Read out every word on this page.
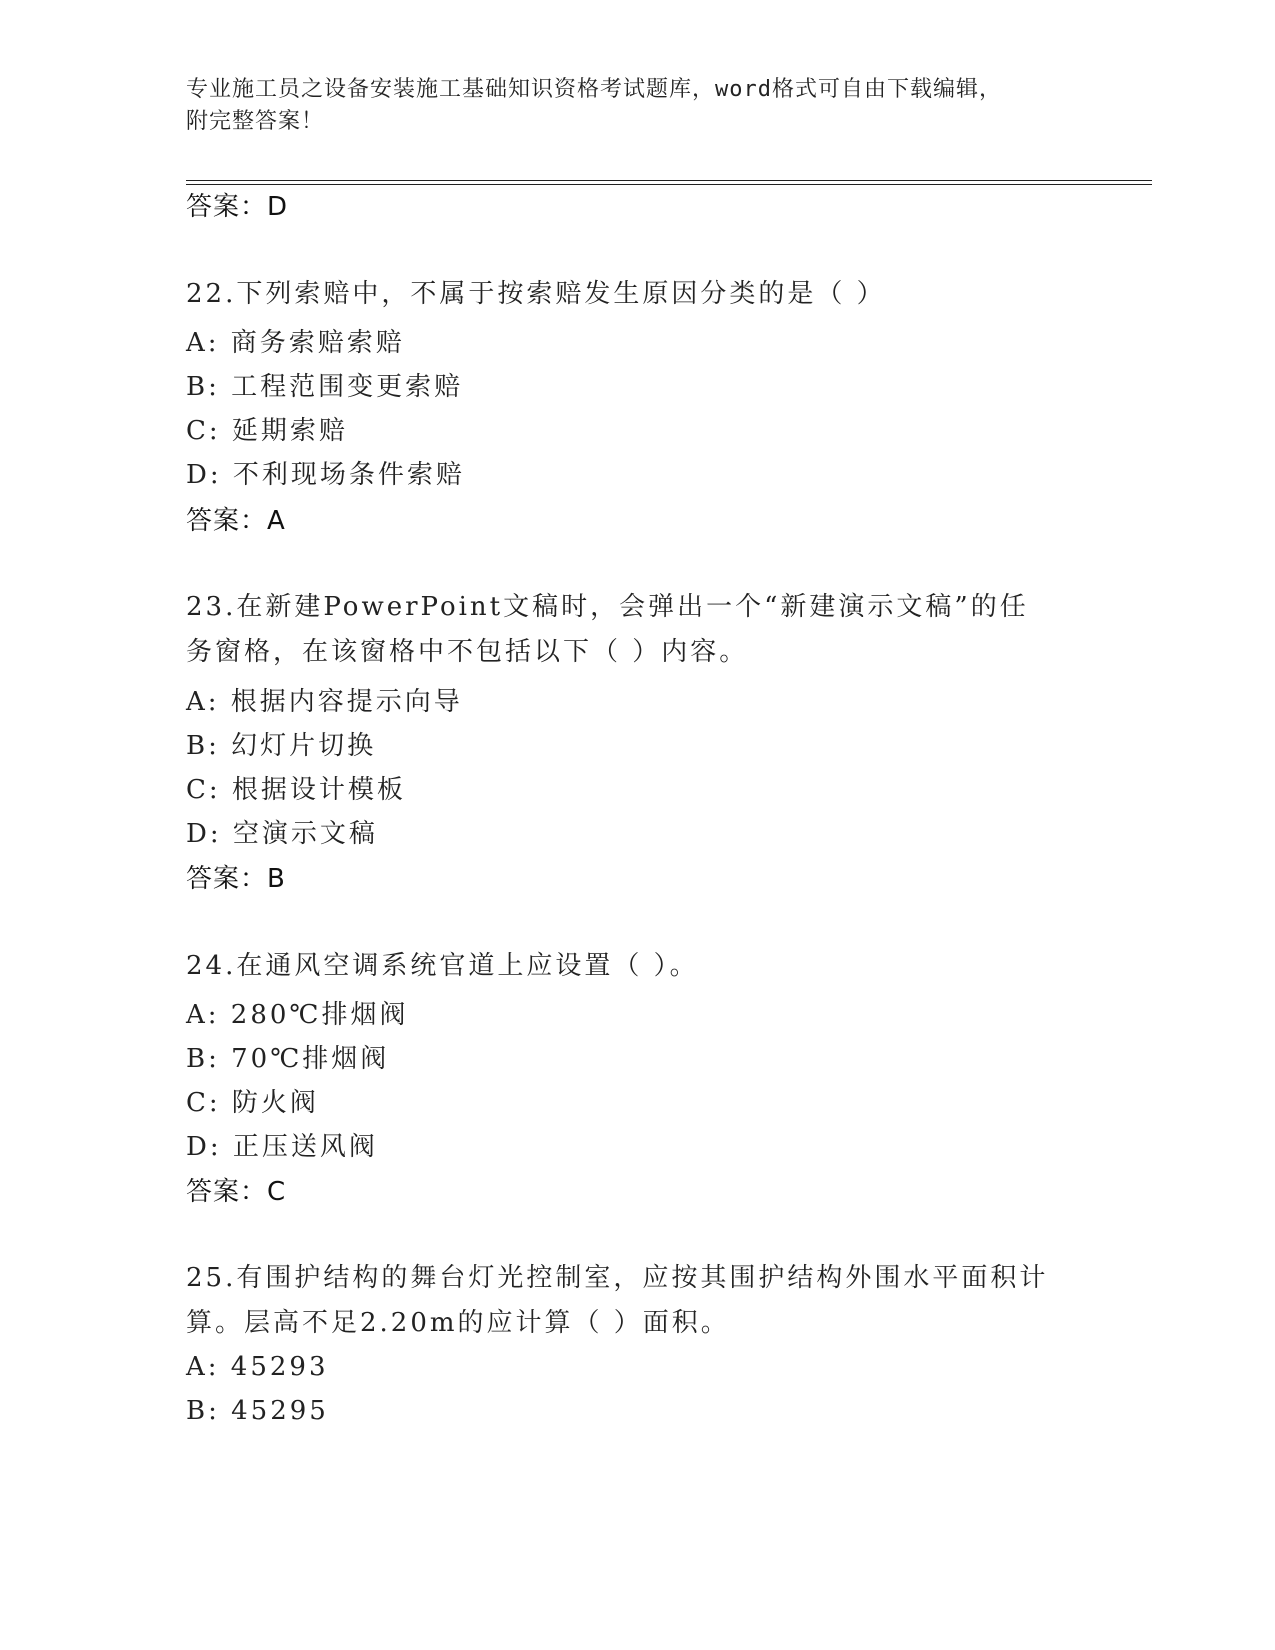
专业施工员之设备安装施工基础知识资格考试题库，word格式可自由下载编辑，
附完整答案！
答案：D
22.下列索赔中，不属于按索赔发生原因分类的是（ ）
A: 商务索赔索赔
B: 工程范围变更索赔
C: 延期索赔
D: 不利现场条件索赔
答案：A
23.在新建PowerPoint文稿时，会弹出一个“新建演示文稿”的任务窗格，在该窗格中不包括以下（ ）内容。
A: 根据内容提示向导
B: 幻灯片切换
C: 根据设计模板
D: 空演示文稿
答案：B
24.在通风空调系统官道上应设置（ ）。
A: 280℃排烟阀
B: 70℃排烟阀
C: 防火阀
D: 正压送风阀
答案：C
25.有围护结构的舞台灯光控制室，应按其围护结构外围水平面积计算。层高不足2.20m的应计算（ ）面积。
A: 45293
B: 45295
